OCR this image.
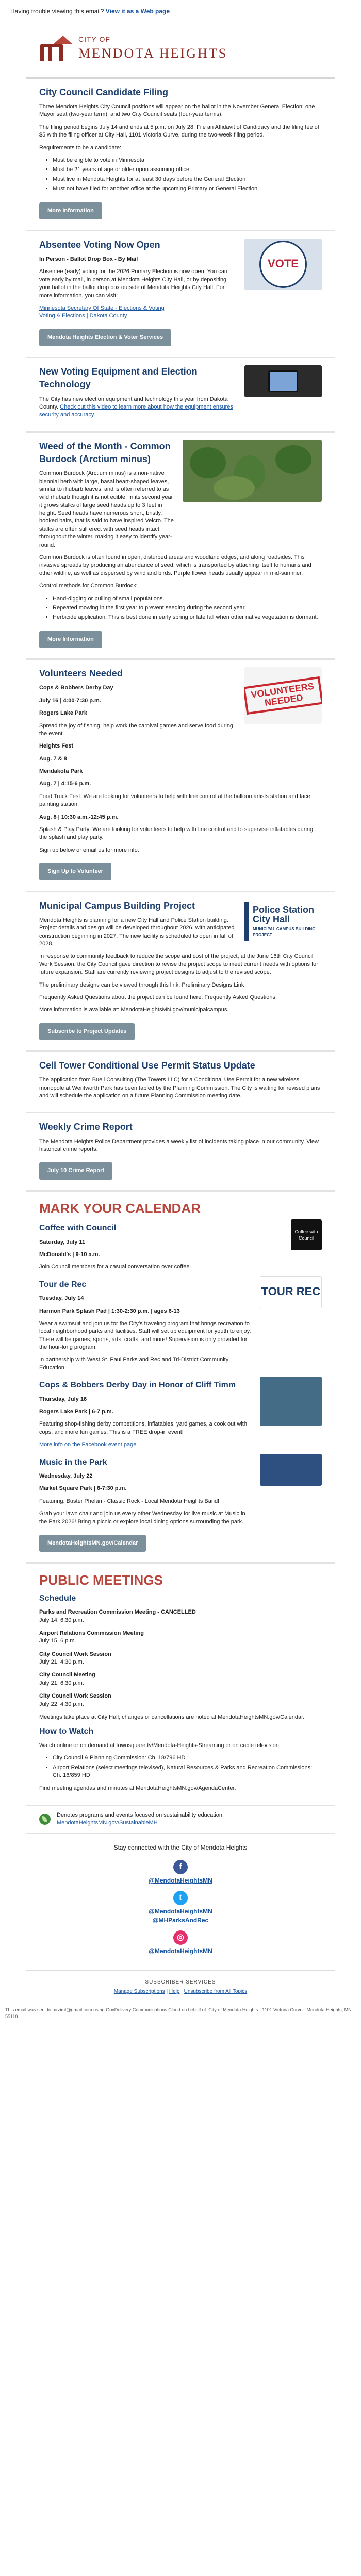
Having trouble viewing this email? View it as a Web page
CITY OF
MENDOTA HEIGHTS
City Council Candidate Filing

Three Mendota Heights City Council positions will appear on the ballot in the November General Election: one Mayor seat (two-year term), and two City Council seats (four-year terms).

The filing period begins July 14 and ends at 5 p.m. on July 28. File an Affidavit of Candidacy and the filing fee of $5 with the filing officer at City Hall, 1101 Victoria Curve, during the two-week filing period.

Requirements to be a candidate:

• Must be eligible to vote in Minnesota
• Must be 21 years of age or older upon assuming office
• Must live in Mendota Heights for at least 30 days before the General Election
• Must not have filed for another office at the upcoming Primary or General Election.
More Information
Absentee Voting Now Open

In Person - Ballot Drop Box - By Mail

Absentee (early) voting for the 2026 Primary Election is now open. You can vote early by mail, in person at Mendota Heights City Hall, or by depositing your ballot in the ballot drop box outside of Mendota Heights City Hall. For more information, you can visit:

Minnesota Secretary Of State - Elections & Voting
Voting & Elections | Dakota County

VOTE
Mendota Heights Election & Voter Services
New Voting Equipment and Election Technology

The City has new election equipment and technology this year from Dakota County. Check out this video to learn more about how the equipment ensures security and accuracy.

Weed of the Month - Common Burdock (Arctium minus)

Common Burdock (Arctium minus) is a non-native biennial herb with large, basal heart-shaped leaves, similar to rhubarb leaves, and is often referred to as wild rhubarb though it is not edible. In its second year it grows stalks of large seed heads up to 3 feet in height. Seed heads have numerous short, bristly, hooked hairs, that is said to have inspired Velcro. The stalks are often still erect with seed heads intact throughout the winter, making it easy to identify year-round.

Common Burdock is often found in open, disturbed areas and woodland edges, and along roadsides. This invasive spreads by producing an abundance of seed, which is transported by attaching itself to humans and other wildlife, as well as dispersed by wind and birds. Purple flower heads usually appear in mid-summer.

Control methods for Common Burdock:

• Hand-digging or pulling of small populations.
• Repeated mowing in the first year to prevent seeding during the second year.
• Herbicide application. This is best done in early spring or late fall when other native vegetation is dormant.
More Information
Volunteers Needed

Cops & Bobbers Derby Day

July 16 | 4:00-7:30 p.m.

Rogers Lake Park

Spread the joy of fishing; help work the carnival games and serve food during the event.

VOLUNTEERS NEEDED

Heights Fest

Aug. 7 & 8

Mendakota Park

Aug. 7 | 4:15-6 p.m.

Food Truck Fest: We are looking for volunteers to help with line control at the balloon artists station and face painting station.

Aug. 8 | 10:30 a.m.-12:45 p.m.

Splash & Play Party: We are looking for volunteers to help with line control and to supervise inflatables during the splash and play party.

Sign up below or email us for more info.

Sign Up to Volunteer
Municipal Campus Building Project

Mendota Heights is planning for a new City Hall and Police Station building. Project details and design will be developed throughout 2026, with anticipated construction beginning in 2027. The new facility is scheduled to open in fall of 2028.

Police Station
City Hall
MUNICIPAL CAMPUS BUILDING PROJECT

In response to community feedback to reduce the scope and cost of the project, at the June 16th City Council Work Session, the City Council gave direction to revise the project scope to meet current needs with options for future expansion. Staff are currently reviewing project designs to adjust to the revised scope.

The preliminary designs can be viewed through this link: Preliminary Designs Link

Frequently Asked Questions about the project can be found here: Frequently Asked Questions

More information is available at: MendotaHeightsMN.gov/municipalcampus.

Subscribe to Project Updates
Cell Tower Conditional Use Permit Status Update

The application from Buell Consulting (The Towers LLC) for a Conditional Use Permit for a new wireless monopole at Wentworth Park has been tabled by the Planning Commission. The City is waiting for revised plans and will schedule the application on a future Planning Commission meeting date.

Weekly Crime Report

The Mendota Heights Police Department provides a weekly list of incidents taking place in our community. View historical crime reports.

July 10 Crime Report
MARK YOUR CALENDAR
Coffee with Council

Saturday, July 11

McDonald's | 9-10 a.m.

Join Council members for a casual conversation over coffee.

Coffee with Council
Tour de Rec

Tuesday, July 14

Harmon Park Splash Pad | 1:30-2:30 p.m. | ages 6-13

Wear a swimsuit and join us for the City's traveling program that brings recreation to local neighborhood parks and facilities. Staff will set up equipment for youth to enjoy. There will be games, sports, arts, crafts, and more! Supervision is only provided for the hour-long program.

In partnership with West St. Paul Parks and Rec and Tri-District Community Education.

TOUR REC
Cops & Bobbers Derby Day in Honor of Cliff Timm

Thursday, July 16

Rogers Lake Park | 6-7 p.m.

Featuring shop-fishing derby competitions, inflatables, yard games, a cook out with cops, and more fun games. This is a FREE drop-in event!

More info on the Facebook event page

Music in the Park

Wednesday, July 22

Market Square Park | 6-7:30 p.m.

Featuring: Buster Phelan - Classic Rock - Local Mendota Heights Band!

Grab your lawn chair and join us every other Wednesday for live music at Music in the Park 2026! Bring a picnic or explore local dining options surrounding the park.

MendotaHeightsMN.gov/Calendar
PUBLIC MEETINGS
Schedule
Parks and Recreation Commission Meeting - CANCELLED
July 14, 6:30 p.m.
Airport Relations Commission Meeting
July 15, 6 p.m.
City Council Work Session
July 21, 4:30 p.m.
City Council Meeting
July 21, 6:30 p.m.
City Council Work Session
July 22, 4:30 p.m.

Meetings take place at City Hall; changes or cancellations are noted at MendotaHeightsMN.gov/Calendar.

How to Watch

Watch online or on demand at townsquare.tv/Mendota-Heights-Streaming or on cable television:

• City Council & Planning Commission: Ch. 18/796 HD
• Airport Relations (select meetings televised), Natural Resources & Parks and Recreation Commissions: Ch. 16/859 HD

Find meeting agendas and minutes at MendotaHeightsMN.gov/AgendaCenter.

Denotes programs and events focused on sustainability education.
MendotaHeightsMN.gov/SustainableMH
Stay connected with the City of Mendota Heights
f
@MendotaHeightsMN
t
@MendotaHeightsMN
@MHParksAndRec
◎
@MendotaHeightsMN
SUBSCRIBER SERVICES
Manage Subscriptions | Help | Unsubscribe from All Topics
This email was sent to mrzimt@gmail.com using GovDelivery Communications Cloud on behalf of: City of Mendota Heights · 1101 Victoria Curve · Mendota Heights, MN 55118
